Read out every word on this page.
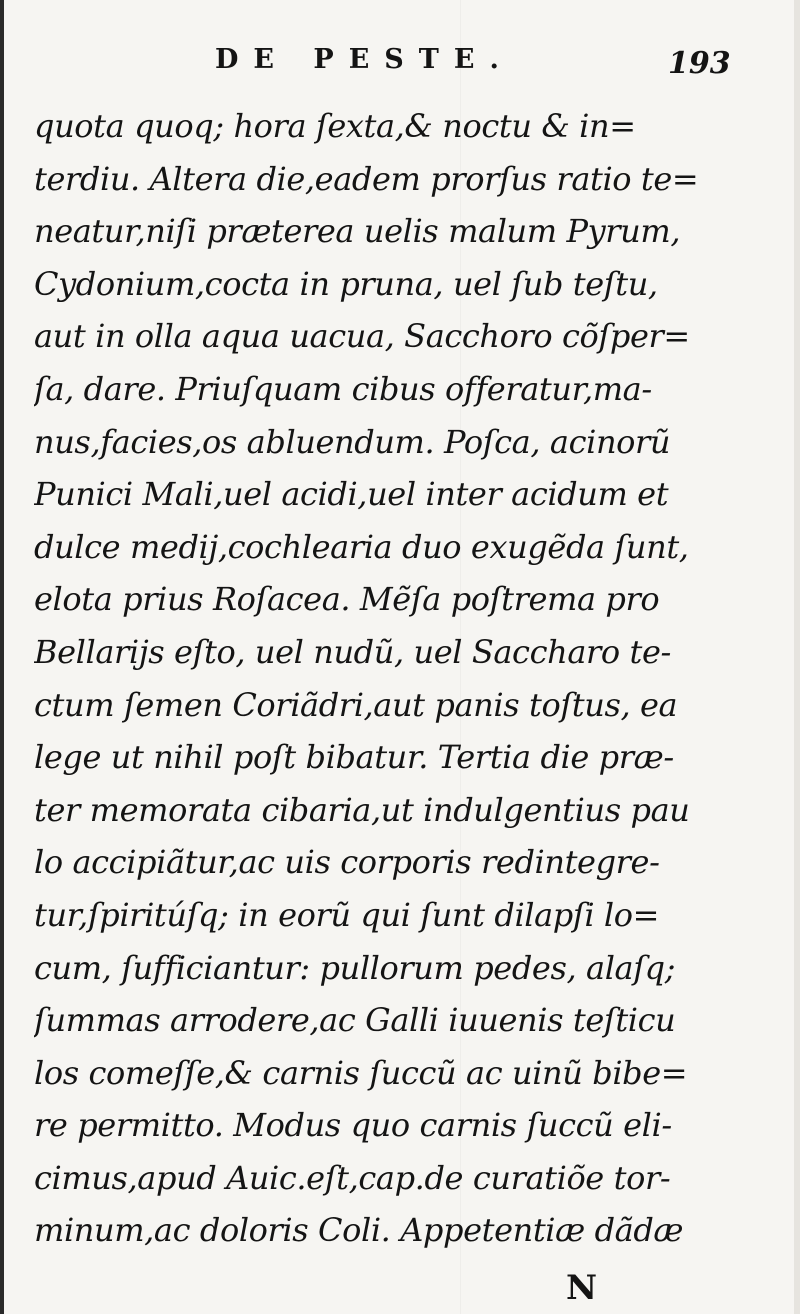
DE PESTE.	193
quota quoq; hora ſexta,& noctu & in=
terdiu. Altera die,eadem prorſus ratio te=
neatur,niſi præterea uelis malum Pyrum,
Cydonium,cocta in pruna, uel ſub teſtu,
aut in olla aqua uacua, Sacchoro cõſper=
ſa, dare. Priuſquam cibus offeratur,ma-
nus,facies,os abluendum. Poſca, acinorũ
Punici Mali,uel acidi,uel inter acidum et
dulce medij,cochlearia duo exugẽda ſunt,
elota prius Roſacea. Mẽſa poſtrema pro
Bellarijs eſto, uel nudũ, uel Saccharo te-
ctum ſemen Coriãdri,aut panis toſtus, ea
lege ut nihil poſt bibatur. Tertia die præ-
ter memorata cibaria,ut indulgentius pau
lo accipiãtur,ac uis corporis redintegre-
tur,ſpiritúſq; in eorũ qui ſunt dilapſi lo=
cum, ſufficiantur: pullorum pedes, alaſq;
ſummas arrodere,ac Galli iuuenis teſticu
los comeſſe,& carnis ſuccũ ac uinũ bibe=
re permitto. Modus quo carnis ſuccũ eli-
cimus,apud Auic.eſt,cap.de curatiõe tor-
minum,ac doloris Coli. Appetentiæ dãdæ
N
